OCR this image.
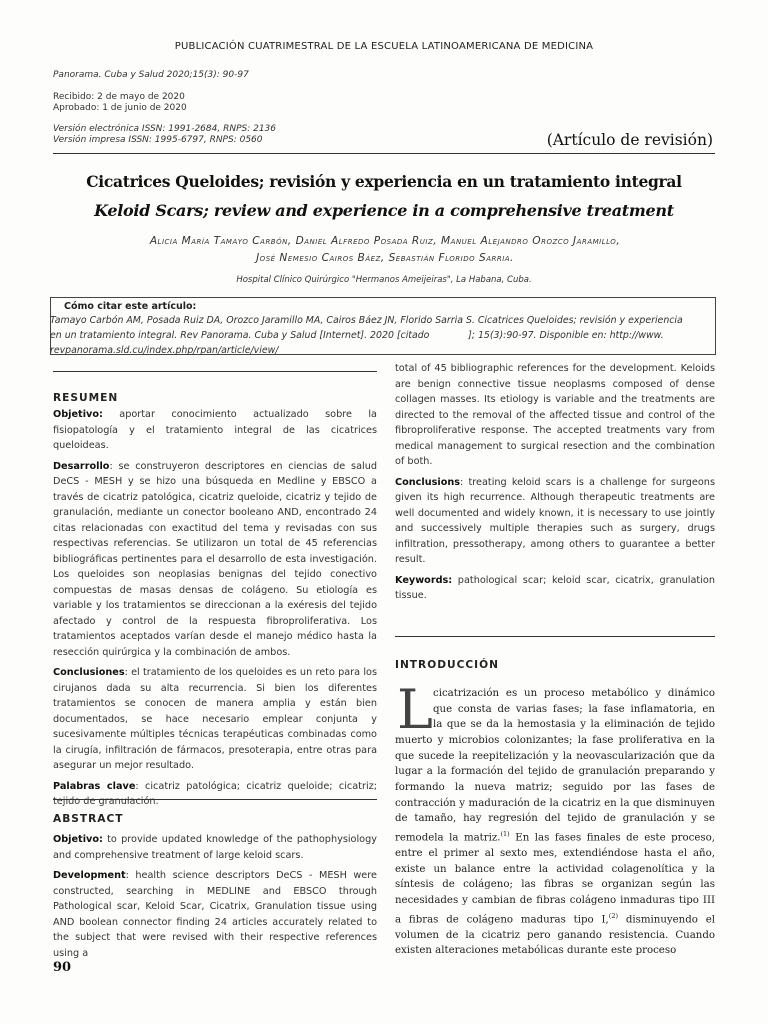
PUBLICACIÓN CUATRIMESTRAL DE LA ESCUELA LATINOAMERICANA DE MEDICINA
Panorama. Cuba y Salud 2020;15(3): 90-97
Recibido: 2 de mayo de 2020
Aprobado: 1 de junio de 2020
Versión electrónica ISSN: 1991-2684, RNPS: 2136
Versión impresa ISSN: 1995-6797, RNPS: 0560	(Artículo de revisión)
Cicatrices Queloides; revisión y experiencia en un tratamiento integral
Keloid Scars; review and experience in a comprehensive treatment
Alicia María Tamayo Carbón, Daniel Alfredo Posada Ruiz, Manuel Alejandro Orozco Jaramillo,
José Nemesio Cairos Báez, Sebastián Florido Sarria.
Hospital Clínico Quirúrgico "Hermanos Ameijeiras", La Habana, Cuba.
Cómo citar este artículo:
Tamayo Carbón AM, Posada Ruiz DA, Orozco Jaramillo MA, Cairos Báez JN, Florido Sarria S. Cicatrices Queloides; revisión y experiencia
en un tratamiento integral. Rev Panorama. Cuba y Salud [Internet]. 2020 [citado             ]; 15(3):90-97. Disponible en: http://www.
revpanorama.sld.cu/index.php/rpan/article/view/
RESUMEN

Objetivo: aportar conocimiento actualizado sobre la fisiopatología y el tratamiento integral de las cicatrices queloideas.

Desarrollo: se construyeron descriptores en ciencias de salud DeCS - MESH y se hizo una búsqueda en Medline y EBSCO a través de cicatriz patológica, cicatriz queloide, cicatriz y tejido de granulación, mediante un conector booleano AND, encontrado 24 citas relacionadas con exactitud del tema y revisadas con sus respectivas referencias. Se utilizaron un total de 45 referencias bibliográficas pertinentes para el desarrollo de esta investigación. Los queloides son neoplasias benignas del tejido conectivo compuestas de masas densas de colágeno. Su etiología es variable y los tratamientos se direccionan a la exéresis del tejido afectado y control de la respuesta fibroproliferativa. Los tratamientos aceptados varían desde el manejo médico hasta la resección quirúrgica y la combinación de ambos.

Conclusiones: el tratamiento de los queloides es un reto para los cirujanos dada su alta recurrencia. Si bien los diferentes tratamientos se conocen de manera amplia y están bien documentados, se hace necesario emplear conjunta y sucesivamente múltiples técnicas terapéuticas combinadas como la cirugía, infiltración de fármacos, presoterapia, entre otras para asegurar un mejor resultado.

Palabras clave: cicatriz patológica; cicatriz queloide; cicatriz; tejido de granulación.

ABSTRACT

Objetivo: to provide updated knowledge of the pathophysiology and comprehensive treatment of large keloid scars.

Development: health science descriptors DeCS - MESH were constructed, searching in MEDLINE and EBSCO through Pathological scar, Keloid Scar, Cicatrix, Granulation tissue using AND boolean connector finding 24 articles accurately related to the subject that were revised with their respective references using a

total of 45 bibliographic references for the development. Keloids are benign connective tissue neoplasms composed of dense collagen masses. Its etiology is variable and the treatments are directed to the removal of the affected tissue and control of the fibroproliferative response. The accepted treatments vary from medical management to surgical resection and the combination of both.

Conclusions: treating keloid scars is a challenge for surgeons given its high recurrence. Although therapeutic treatments are well documented and widely known, it is necessary to use jointly and successively multiple therapies such as surgery, drugs infiltration, pressotherapy, among others to guarantee a better result.

Keywords: pathological scar; keloid scar, cicatrix, granulation tissue.

INTRODUCCIÓN
L cicatrización es un proceso metabólico y dinámico
que consta de varias fases; la fase inflamatoria, en
la que se da la hemostasia y la eliminación de tejido
muerto y microbios colonizantes; la fase proliferativa en la que sucede la reepitelización y la neovascularización que da lugar a la formación del tejido de granulación preparando y formando la nueva matriz; seguido por las fases de contracción y maduración de la cicatriz en la que disminuyen de tamaño, hay regresión del tejido de granulación y se remodela la matriz.$^{(1)}$ En las fases finales de este proceso, entre el primer al sexto mes, extendiéndose hasta el año, existe un balance entre la actividad colagenolítica y la síntesis de colágeno; las fibras se organizan según las necesidades y cambian de fibras colágeno inmaduras tipo III a fibras de colágeno maduras tipo I,$^{(2)}$ disminuyendo el volumen de la cicatriz pero ganando resistencia. Cuando existen alteraciones metabólicas durante este proceso
90
